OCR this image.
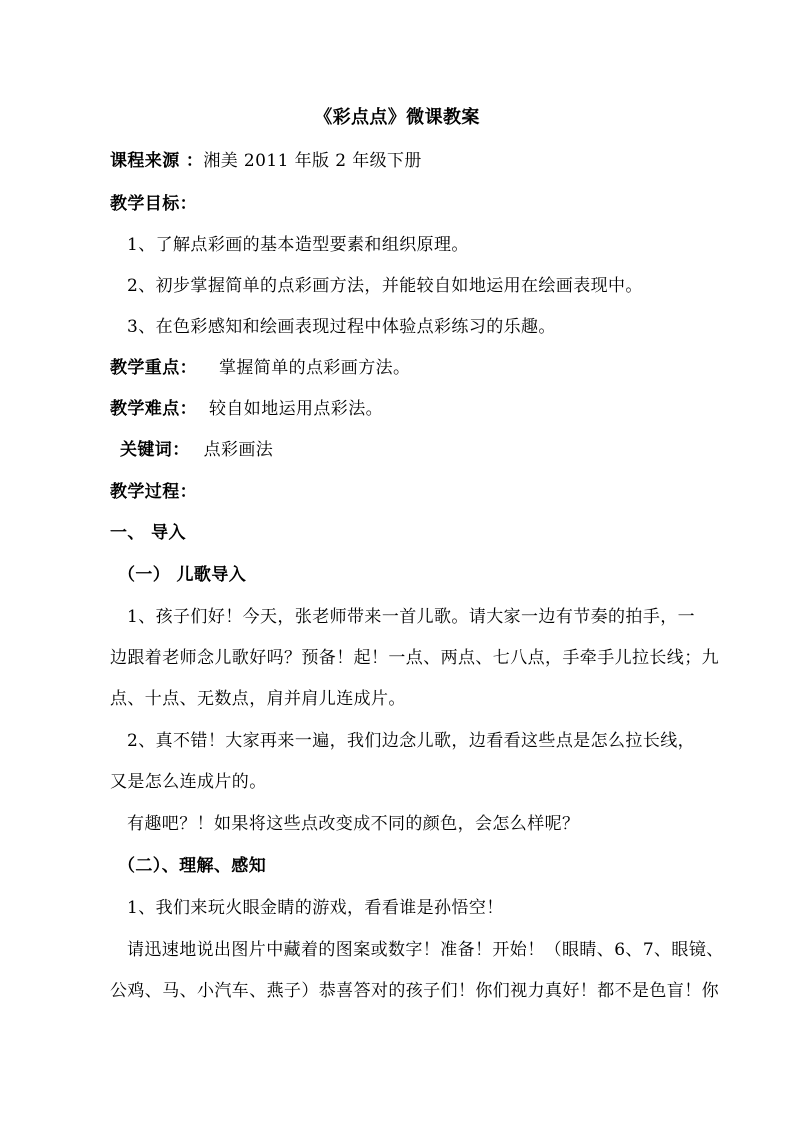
《彩点点》微课教案
课程来源 ：湘美 2011 年版 2 年级下册
教学目标：
1、了解点彩画的基本造型要素和组织原理。
2、初步掌握简单的点彩画方法，并能较自如地运用在绘画表现中。
3、在色彩感知和绘画表现过程中体验点彩练习的乐趣。
教学重点： 掌握简单的点彩画方法。
教学难点： 较自如地运用点彩法。
关键词： 点彩画法
教学过程：
一、 导入
（一） 儿歌导入
1、孩子们好！今天，张老师带来一首儿歌。请大家一边有节奏的拍手，一
边跟着老师念儿歌好吗？预备！起！一点、两点、七八点，手牵手儿拉长线；九
点、十点、无数点，肩并肩儿连成片。
2、真不错！大家再来一遍，我们边念儿歌，边看看这些点是怎么拉长线，
又是怎么连成片的。
有趣吧？！如果将这些点改变成不同的颜色，会怎么样呢？
（二）、理解、感知
1、我们来玩火眼金睛的游戏，看看谁是孙悟空！
请迅速地说出图片中藏着的图案或数字！准备！开始！（眼睛、6、7、眼镜、
公鸡、马、小汽车、燕子）恭喜答对的孩子们！你们视力真好！都不是色盲！你
